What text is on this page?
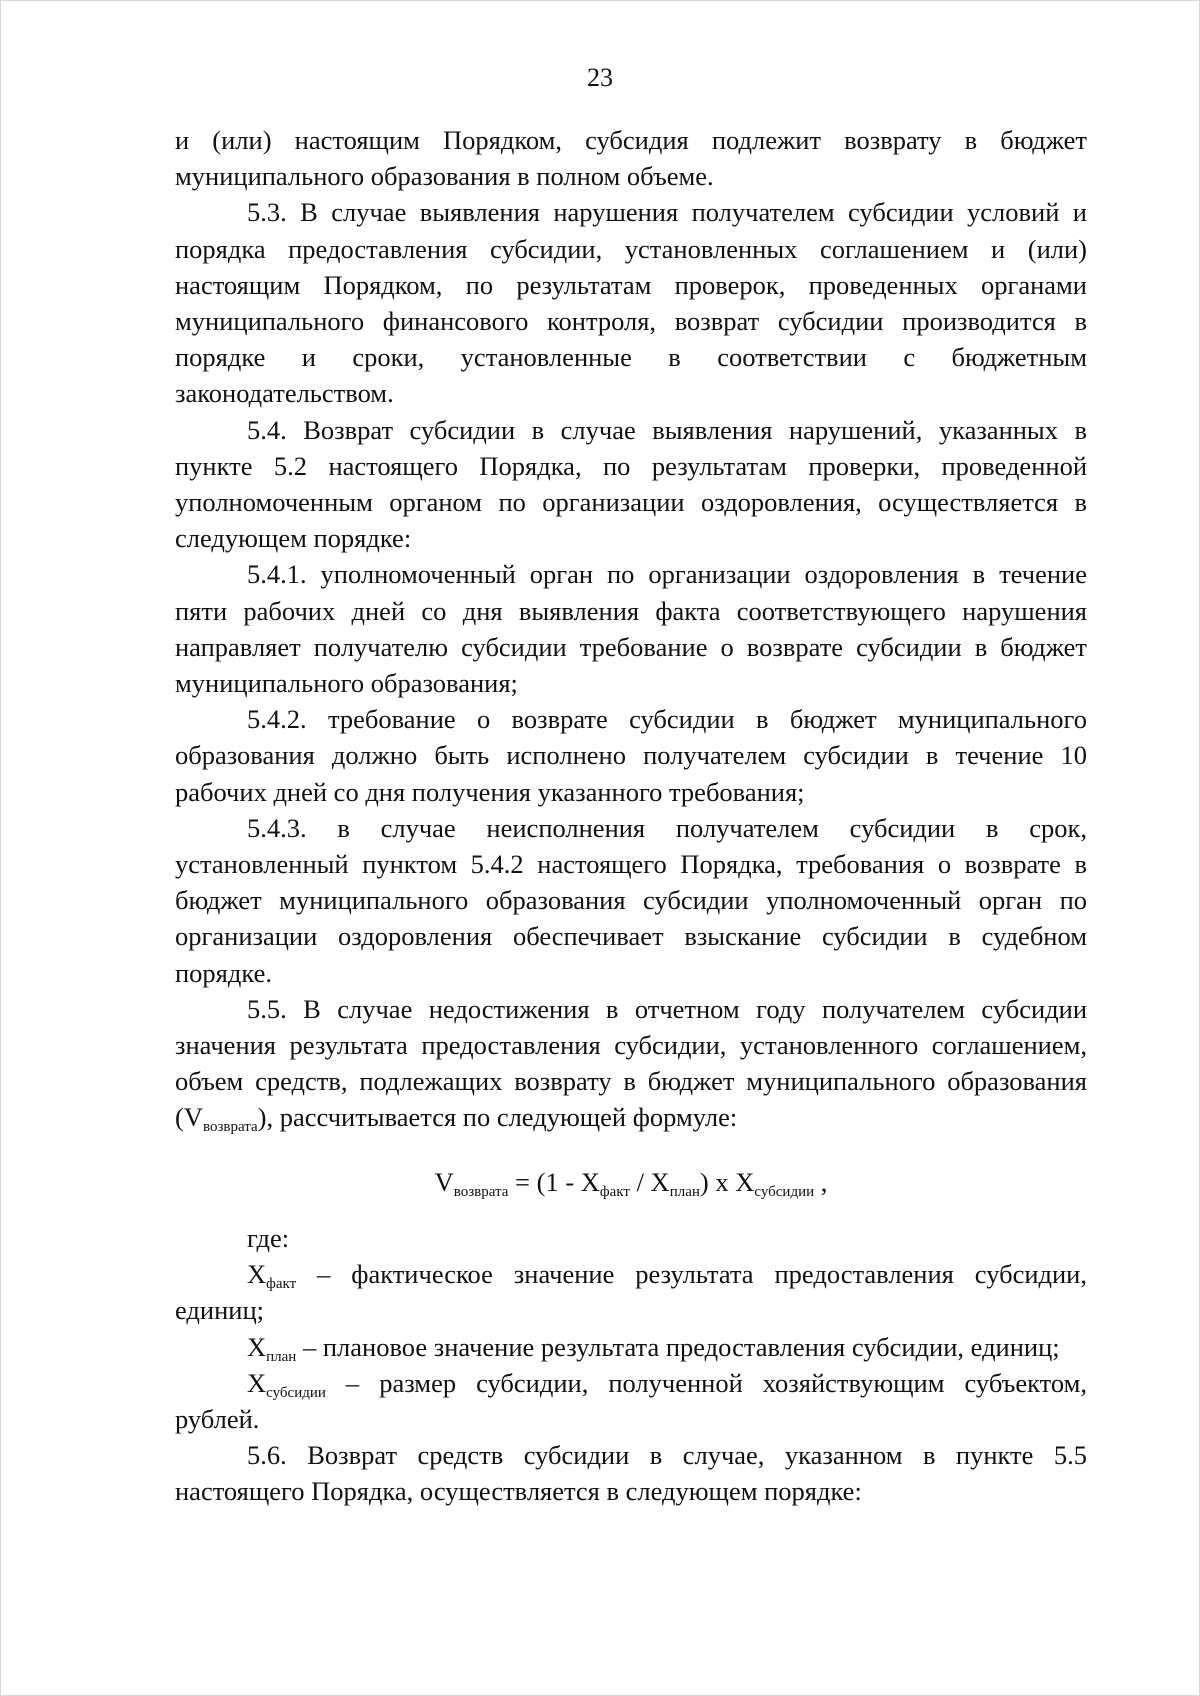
23

и (или) настоящим Порядком, субсидия подлежит возврату в бюджет муниципального образования в полном объеме.

5.3. В случае выявления нарушения получателем субсидии условий и порядка предоставления субсидии, установленных соглашением и (или) настоящим Порядком, по результатам проверок, проведенных органами муниципального финансового контроля, возврат субсидии производится в порядке и сроки, установленные в соответствии с бюджетным законодательством.

5.4. Возврат субсидии в случае выявления нарушений, указанных в пункте 5.2 настоящего Порядка, по результатам проверки, проведенной уполномоченным органом по организации оздоровления, осуществляется в следующем порядке:

5.4.1. уполномоченный орган по организации оздоровления в течение пяти рабочих дней со дня выявления факта соответствующего нарушения направляет получателю субсидии требование о возврате субсидии в бюджет муниципального образования;

5.4.2. требование о возврате субсидии в бюджет муниципального образования должно быть исполнено получателем субсидии в течение 10 рабочих дней со дня получения указанного требования;

5.4.3. в случае неисполнения получателем субсидии в срок, установленный пунктом 5.4.2 настоящего Порядка, требования о возврате в бюджет муниципального образования субсидии уполномоченный орган по организации оздоровления обеспечивает взыскание субсидии в судебном порядке.

5.5. В случае недостижения в отчетном году получателем субсидии значения результата предоставления субсидии, установленного соглашением, объем средств, подлежащих возврату в бюджет муниципального образования $(V_{возврата})$, рассчитывается по следующей формуле:

$V_{возврата} = (1 - X_{факт} / X_{план})$ x $X_{субсидии}$ ,

где:

$X_{факт}$ – фактическое значение результата предоставления субсидии, единиц;

$X_{план}$ – плановое значение результата предоставления субсидии, единиц;

$X_{субсидии}$ – размер субсидии, полученной хозяйствующим субъектом, рублей.

5.6. Возврат средств субсидии в случае, указанном в пункте 5.5 настоящего Порядка, осуществляется в следующем порядке:
